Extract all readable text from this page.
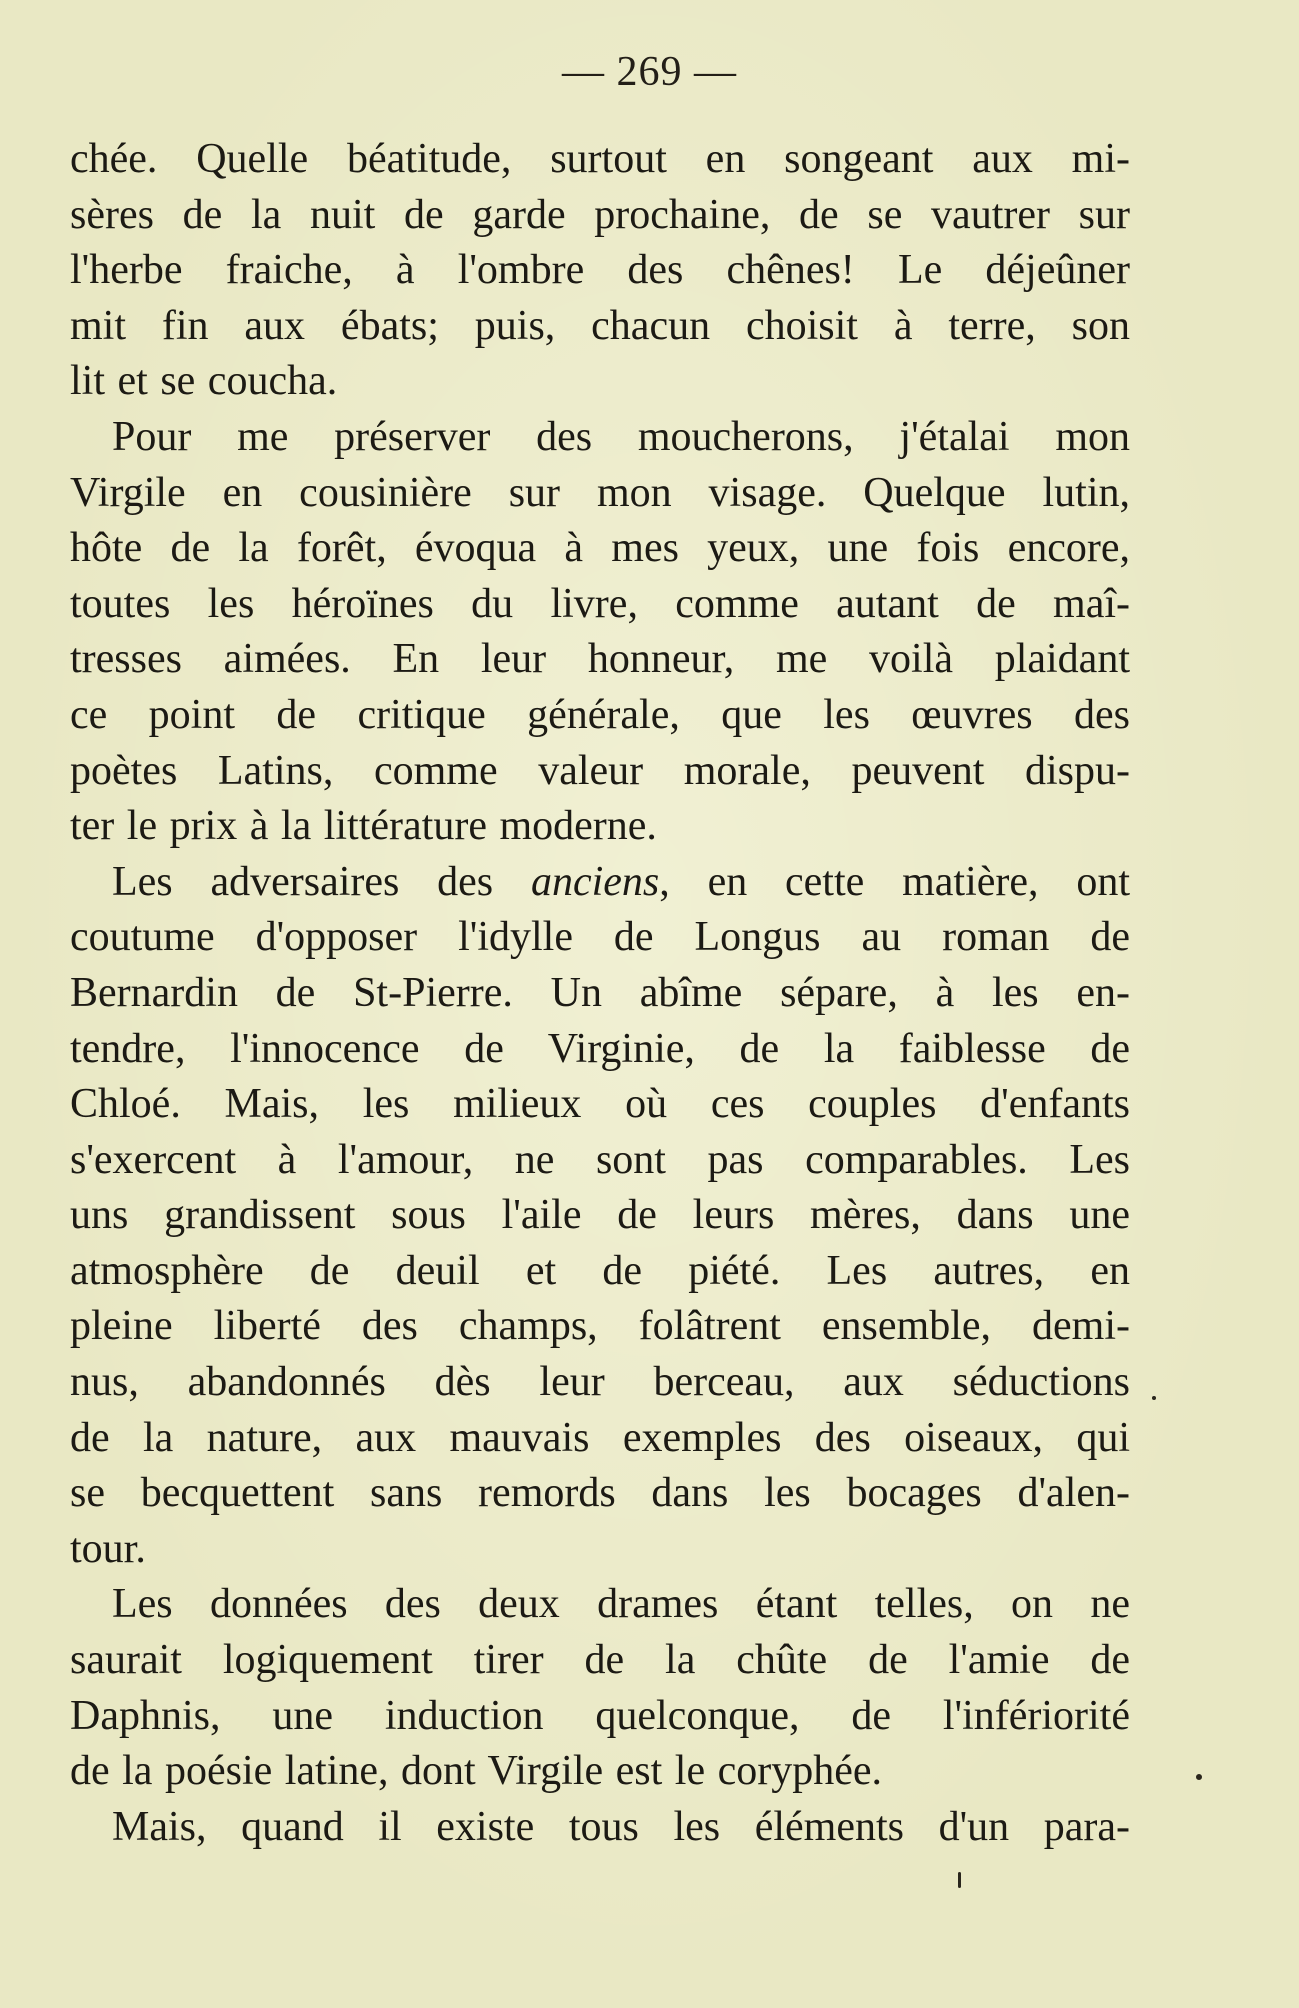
— 269 —
chée. Quelle béatitude, surtout en songeant aux mi-
sères de la nuit de garde prochaine, de se vautrer sur
l'herbe fraiche, à l'ombre des chênes! Le déjeûner
mit fin aux ébats; puis, chacun choisit à terre, son
lit et se coucha.
Pour me préserver des moucherons, j'étalai mon
Virgile en cousinière sur mon visage. Quelque lutin,
hôte de la forêt, évoqua à mes yeux, une fois encore,
toutes les héroïnes du livre, comme autant de maî-
tresses aimées. En leur honneur, me voilà plaidant
ce point de critique générale, que les œuvres des
poètes Latins, comme valeur morale, peuvent dispu-
ter le prix à la littérature moderne.
Les adversaires des anciens, en cette matière, ont
coutume d'opposer l'idylle de Longus au roman de
Bernardin de St-Pierre. Un abîme sépare, à les en-
tendre, l'innocence de Virginie, de la faiblesse de
Chloé. Mais, les milieux où ces couples d'enfants
s'exercent à l'amour, ne sont pas comparables. Les
uns grandissent sous l'aile de leurs mères, dans une
atmosphère de deuil et de piété. Les autres, en
pleine liberté des champs, folâtrent ensemble, demi-
nus, abandonnés dès leur berceau, aux séductions
de la nature, aux mauvais exemples des oiseaux, qui
se becquettent sans remords dans les bocages d'alen-
tour.
Les données des deux drames étant telles, on ne
saurait logiquement tirer de la chûte de l'amie de
Daphnis, une induction quelconque, de l'infériorité
de la poésie latine, dont Virgile est le coryphée.
Mais, quand il existe tous les éléments d'un para-
